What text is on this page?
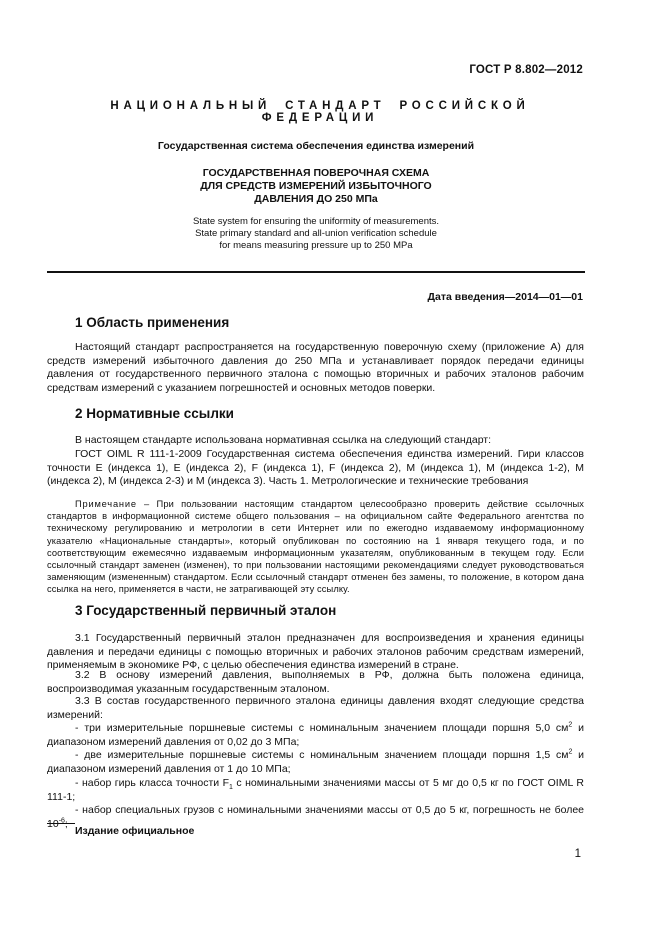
ГОСТ Р 8.802—2012
НАЦИОНАЛЬНЫЙ СТАНДАРТ РОССИЙСКОЙ ФЕДЕРАЦИИ
Государственная система обеспечения единства измерений
ГОСУДАРСТВЕННАЯ ПОВЕРОЧНАЯ СХЕМА
ДЛЯ СРЕДСТВ ИЗМЕРЕНИЙ ИЗБЫТОЧНОГО
ДАВЛЕНИЯ ДО 250 МПа
State system for ensuring the uniformity of measurements.
State primary standard and all-union verification schedule
for means measuring pressure up to 250 MPa
Дата введения—2014—01—01
1 Область применения
Настоящий стандарт распространяется на государственную поверочную схему (приложение А) для средств измерений избыточного давления до 250 МПа и устанавливает порядок передачи единицы давления от государственного первичного эталона с помощью вторичных и рабочих эталонов рабочим средствам измерений с указанием погрешностей и основных методов поверки.
2 Нормативные ссылки
В настоящем стандарте использована нормативная ссылка на следующий стандарт:
ГОСТ OIML R 111-1-2009 Государственная система обеспечения единства измерений. Гири классов точности E (индекса 1), E (индекса 2), F (индекса 1), F (индекса 2), M (индекса 1), M (индекса 1-2), M (индекса 2), M (индекса 2-3) и M (индекса 3). Часть 1. Метрологические и технические требования
Примечание – При пользовании настоящим стандартом целесообразно проверить действие ссылочных стандартов в информационной системе общего пользования – на официальном сайте Федерального агентства по техническому регулированию и метрологии в сети Интернет или по ежегодно издаваемому информационному указателю «Национальные стандарты», который опубликован по состоянию на 1 января текущего года, и по соответствующим ежемесячно издаваемым информационным указателям, опубликованным в текущем году. Если ссылочный стандарт заменен (изменен), то при пользовании настоящими рекомендациями следует руководствоваться заменяющим (измененным) стандартом. Если ссылочный стандарт отменен без замены, то положение, в котором дана ссылка на него, применяется в части, не затрагивающей эту ссылку.
3 Государственный первичный эталон
3.1 Государственный первичный эталон предназначен для воспроизведения и хранения единицы давления и передачи единицы с помощью вторичных и рабочих эталонов рабочим средствам измерений, применяемым в экономике РФ, с целью обеспечения единства измерений в стране.
3.2 В основу измерений давления, выполняемых в РФ, должна быть положена единица, воспроизводимая указанным государственным эталоном.
3.3 В состав государственного первичного эталона единицы давления входят следующие средства измерений:
- три измерительные поршневые системы с номинальным значением площади поршня 5,0 $см^2$ и диапазоном измерений давления от 0,02 до 3 МПа;
- две измерительные поршневые системы с номинальным значением площади поршня 1,5 $см^2$ и диапазоном измерений давления от 1 до 10 МПа;
- набор гирь класса точности $F_1$ с номинальными значениями массы от 5 мг до 0,5 кг по ГОСТ OIML R 111-1;
- набор специальных грузов с номинальными значениями массы от 0,5 до 5 кг, погрешность не более $10^{-6}$;
Издание официальное
1
